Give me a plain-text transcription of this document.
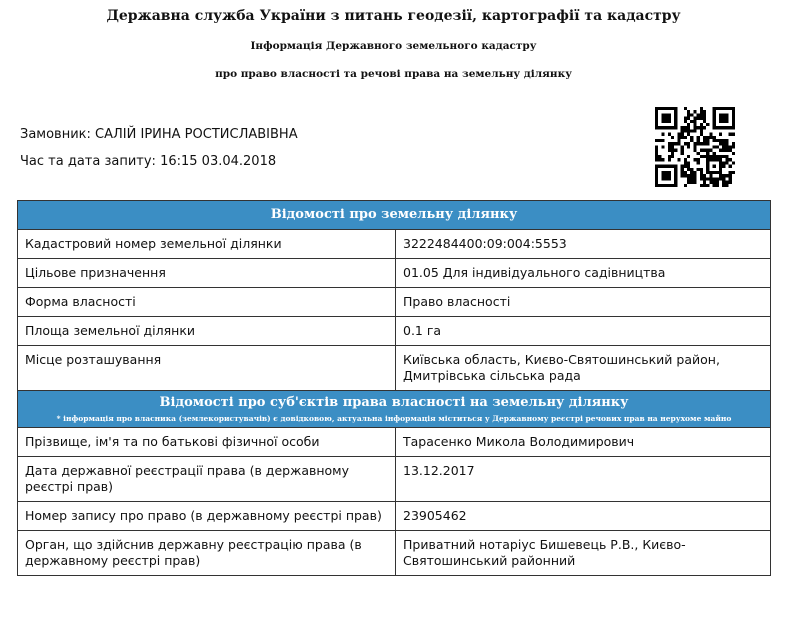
Державна служба України з питань геодезії, картографії та кадастру
Інформація Державного земельного кадастру
про право власності та речові права на земельну ділянку
Замовник: САЛІЙ ІРИНА РОСТИСЛАВІВНА
Час та дата запиту: 16:15 03.04.2018
Відомості про земельну ділянку	
Кадастровий номер земельної ділянки	3222484400:09:004:5553
Цільове призначення	01.05 Для індивідуального садівництва
Форма власності	Право власності
Площа земельної ділянки	0.1 га
Місце розташування	Київська область, Києво-Святошинський район, Дмитрівська сільська рада
Відомості про суб'єктів права власності на земельну ділянку
* інформація про власника (землекористувачів) є довідковою, актуальна інформація міститься у Державному реєстрі речових прав на нерухоме майно	

Прізвище, ім'я та по батькові фізичної особи	Тарасенко Микола Володимирович
Дата державної реєстрації права (в державному реєстрі прав)	13.12.2017
Номер запису про право (в державному реєстрі прав)	23905462
Орган, що здійснив державну реєстрацію права (в державному реєстрі прав)	Приватний нотаріус Бишевець Р.В., Києво-Святошинський районний
